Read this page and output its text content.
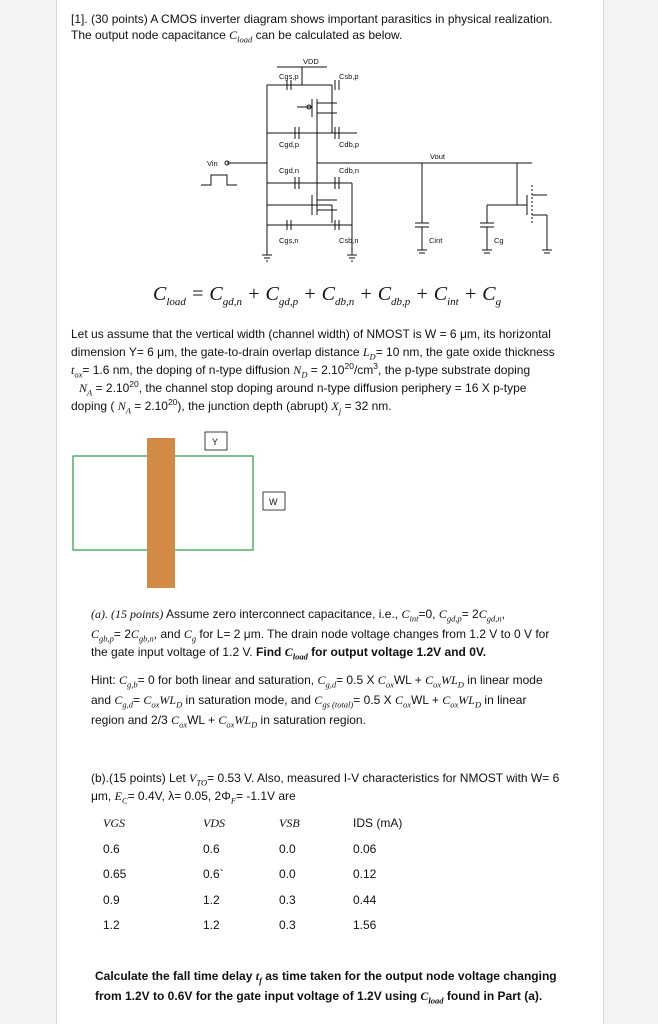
[1]. (30 points) A CMOS inverter diagram shows important parasitics in physical realization.
The output node capacitance $C_{load}$ can be calculated as below.
VDD
Vin
Vout
Cgs,p	Csb,p
Cgd,p	Cdb,p
Cgd,n	Cdb,n
Cgs,n	Csb,n	Cint	Cg
$C_{load} = C_{gd,n} + C_{gd,p} + C_{db,n} + C_{db,p} + C_{int} + C_g$
Let us assume that the vertical width (channel width) of NMOST is W = 6 μm, its horizontal
dimension Y= 6 μm, the gate-to-drain overlap distance $L_D= 10$ nm, the gate oxide thickness
$t_{ox}= 1.6$ nm, the doping of n-type diffusion $N_D = 2.10^{20}/cm^3$, the p-type substrate doping
$N_A = 2.10^{20}$, the channel stop doping around n-type diffusion periphery = 16 X p-type
doping ( $N_A = 2.10^{20}$), the junction depth (abrupt) $X_j = 32$ nm.
Y
W
(a). (15 points) Assume zero interconnect capacitance, i.e., $C_{int}=0$, $C_{gd,p}= 2C_{gd,n}$,
$C_{gb,p}= 2C_{gb,n}$, and $C_g$ for L= 2 μm. The drain node voltage changes from 1.2 V to 0 V for
the gate input voltage of 1.2 V. Find $C_{load}$ for output voltage 1.2V and 0V.
Hint: $C_{g,b}= 0$ for both linear and saturation, $C_{g,d}= 0.5$ X $C_{ox}WL + C_{ox}WL_D$ in linear mode
and $C_{g,d}= C_{ox}WL_D$ in saturation mode, and $C_{gs (total)}= 0.5$ X $C_{ox}WL + C_{ox}WL_D$ in linear
region and 2/3 $C_{ox}WL + C_{ox}WL_D$ in saturation region.
(b).(15 points) Let $V_{TO}= 0.53$ V. Also, measured I-V characteristics for NMOST with W= 6
μm, $E_C= 0.4V$, λ= 0.05, $2\Phi_F= -1.1V$ are
VGS	VDS	VSB	IDS (mA)
0.6	0.6	0.0	0.06
0.65	0.6`	0.0	0.12
0.9	1.2	0.3	0.44
1.2	1.2	0.3	1.56
Calculate the fall time delay $t_f$ as time taken for the output node voltage changing
from 1.2V to 0.6V for the gate input voltage of 1.2V using $C_{load}$ found in Part (a).
